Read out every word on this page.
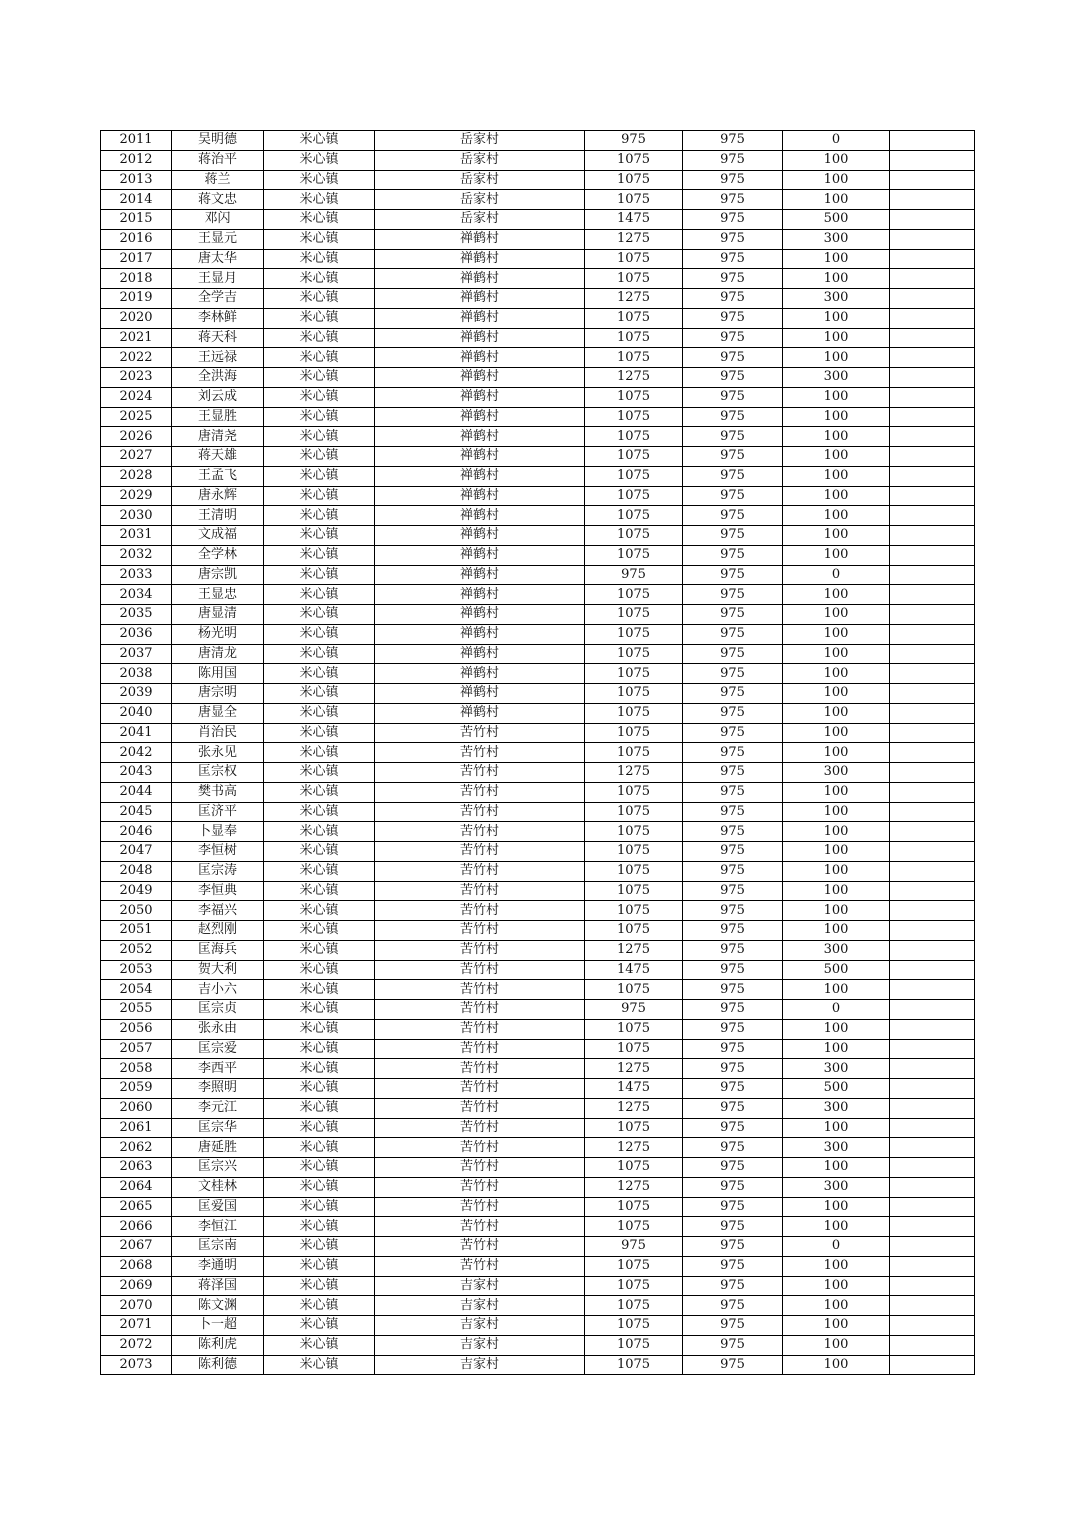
2011	吴明德	米心镇	岳家村	975	975	0	
2012	蒋治平	米心镇	岳家村	1075	975	100	
2013	蒋兰	米心镇	岳家村	1075	975	100	
2014	蒋文忠	米心镇	岳家村	1075	975	100	
2015	邓闪	米心镇	岳家村	1475	975	500	
2016	王显元	米心镇	禅鹤村	1275	975	300	
2017	唐太华	米心镇	禅鹤村	1075	975	100	
2018	王显月	米心镇	禅鹤村	1075	975	100	
2019	全学吉	米心镇	禅鹤村	1275	975	300	
2020	李林鲜	米心镇	禅鹤村	1075	975	100	
2021	蒋天科	米心镇	禅鹤村	1075	975	100	
2022	王远禄	米心镇	禅鹤村	1075	975	100	
2023	全洪海	米心镇	禅鹤村	1275	975	300	
2024	刘云成	米心镇	禅鹤村	1075	975	100	
2025	王显胜	米心镇	禅鹤村	1075	975	100	
2026	唐清尧	米心镇	禅鹤村	1075	975	100	
2027	蒋天雄	米心镇	禅鹤村	1075	975	100	
2028	王孟飞	米心镇	禅鹤村	1075	975	100	
2029	唐永辉	米心镇	禅鹤村	1075	975	100	
2030	王清明	米心镇	禅鹤村	1075	975	100	
2031	文成福	米心镇	禅鹤村	1075	975	100	
2032	全学林	米心镇	禅鹤村	1075	975	100	
2033	唐宗凯	米心镇	禅鹤村	975	975	0	
2034	王显忠	米心镇	禅鹤村	1075	975	100	
2035	唐显清	米心镇	禅鹤村	1075	975	100	
2036	杨光明	米心镇	禅鹤村	1075	975	100	
2037	唐清龙	米心镇	禅鹤村	1075	975	100	
2038	陈用国	米心镇	禅鹤村	1075	975	100	
2039	唐宗明	米心镇	禅鹤村	1075	975	100	
2040	唐显全	米心镇	禅鹤村	1075	975	100	
2041	肖治民	米心镇	苦竹村	1075	975	100	
2042	张永见	米心镇	苦竹村	1075	975	100	
2043	匡宗权	米心镇	苦竹村	1275	975	300	
2044	樊书高	米心镇	苦竹村	1075	975	100	
2045	匡济平	米心镇	苦竹村	1075	975	100	
2046	卜显奉	米心镇	苦竹村	1075	975	100	
2047	李恒树	米心镇	苦竹村	1075	975	100	
2048	匡宗涛	米心镇	苦竹村	1075	975	100	
2049	李恒典	米心镇	苦竹村	1075	975	100	
2050	李福兴	米心镇	苦竹村	1075	975	100	
2051	赵烈刚	米心镇	苦竹村	1075	975	100	
2052	匡海兵	米心镇	苦竹村	1275	975	300	
2053	贺大利	米心镇	苦竹村	1475	975	500	
2054	吉小六	米心镇	苦竹村	1075	975	100	
2055	匡宗贞	米心镇	苦竹村	975	975	0	
2056	张永由	米心镇	苦竹村	1075	975	100	
2057	匡宗爱	米心镇	苦竹村	1075	975	100	
2058	李西平	米心镇	苦竹村	1275	975	300	
2059	李照明	米心镇	苦竹村	1475	975	500	
2060	李元江	米心镇	苦竹村	1275	975	300	
2061	匡宗华	米心镇	苦竹村	1075	975	100	
2062	唐延胜	米心镇	苦竹村	1275	975	300	
2063	匡宗兴	米心镇	苦竹村	1075	975	100	
2064	文桂林	米心镇	苦竹村	1275	975	300	
2065	匡爱国	米心镇	苦竹村	1075	975	100	
2066	李恒江	米心镇	苦竹村	1075	975	100	
2067	匡宗南	米心镇	苦竹村	975	975	0	
2068	李通明	米心镇	苦竹村	1075	975	100	
2069	蒋泽国	米心镇	吉家村	1075	975	100	
2070	陈文渊	米心镇	吉家村	1075	975	100	
2071	卜一超	米心镇	吉家村	1075	975	100	
2072	陈利虎	米心镇	吉家村	1075	975	100	
2073	陈利德	米心镇	吉家村	1075	975	100	
